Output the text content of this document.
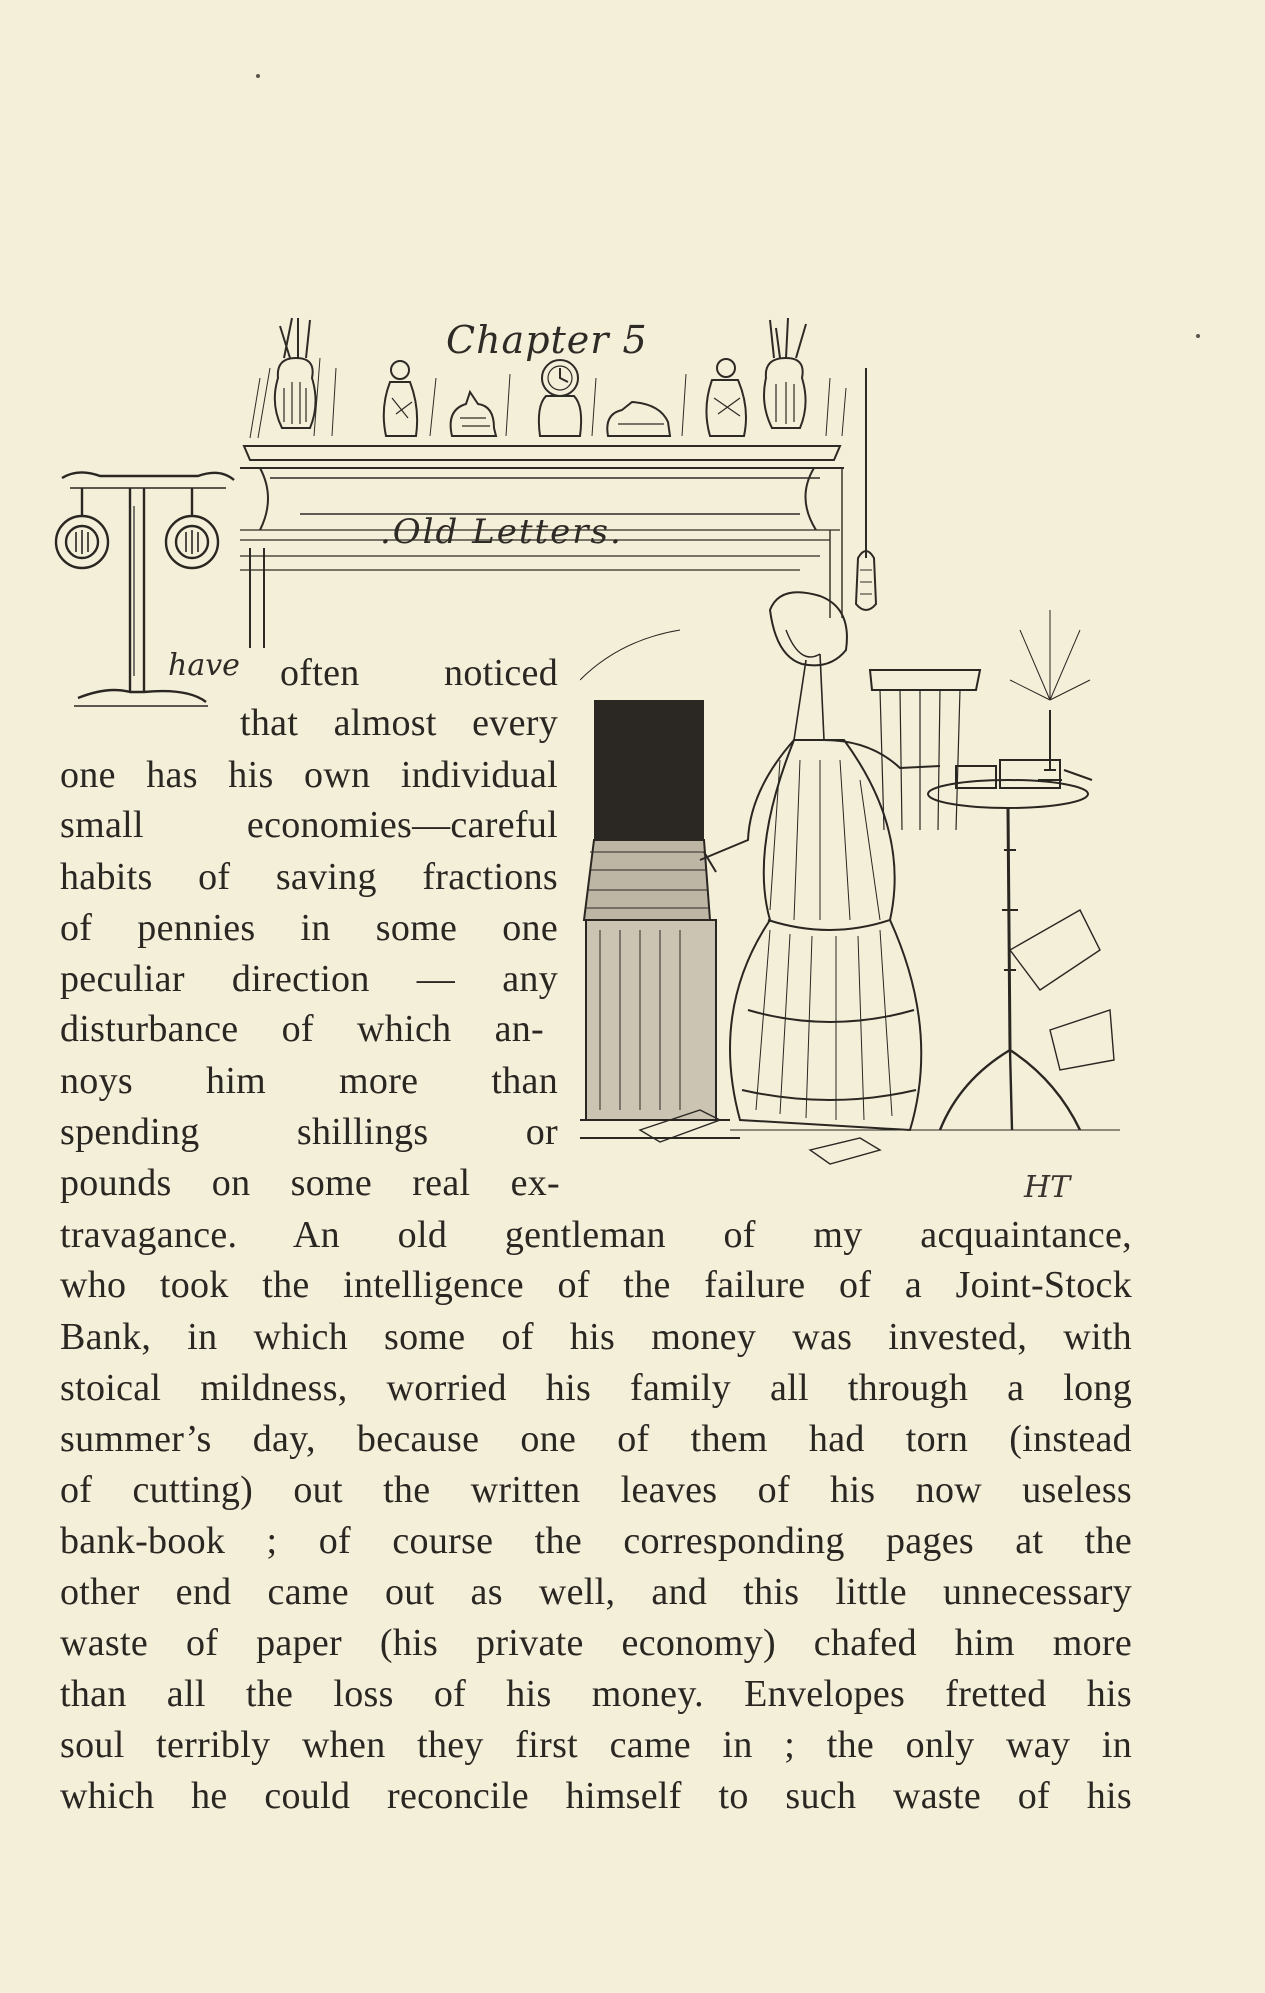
Chapter 5
.Old Letters.
I
have
HT
often noticed
that almost every
one has his own individual
small economies—careful
habits of saving fractions
of pennies in some one
peculiar direction — any
disturbance of which an-
noys him more than
spending shillings or
pounds on some real ex-
travagance. An old gentleman of my acquaintance,
who took the intelligence of the failure of a Joint-Stock
Bank, in which some of his money was invested, with
stoical mildness, worried his family all through a long
summer’s day, because one of them had torn (instead
of cutting) out the written leaves of his now useless
bank-book ; of course the corresponding pages at the
other end came out as well, and this little unnecessary
waste of paper (his private economy) chafed him more
than all the loss of his money. Envelopes fretted his
soul terribly when they first came in ; the only way in
which he could reconcile himself to such waste of his
